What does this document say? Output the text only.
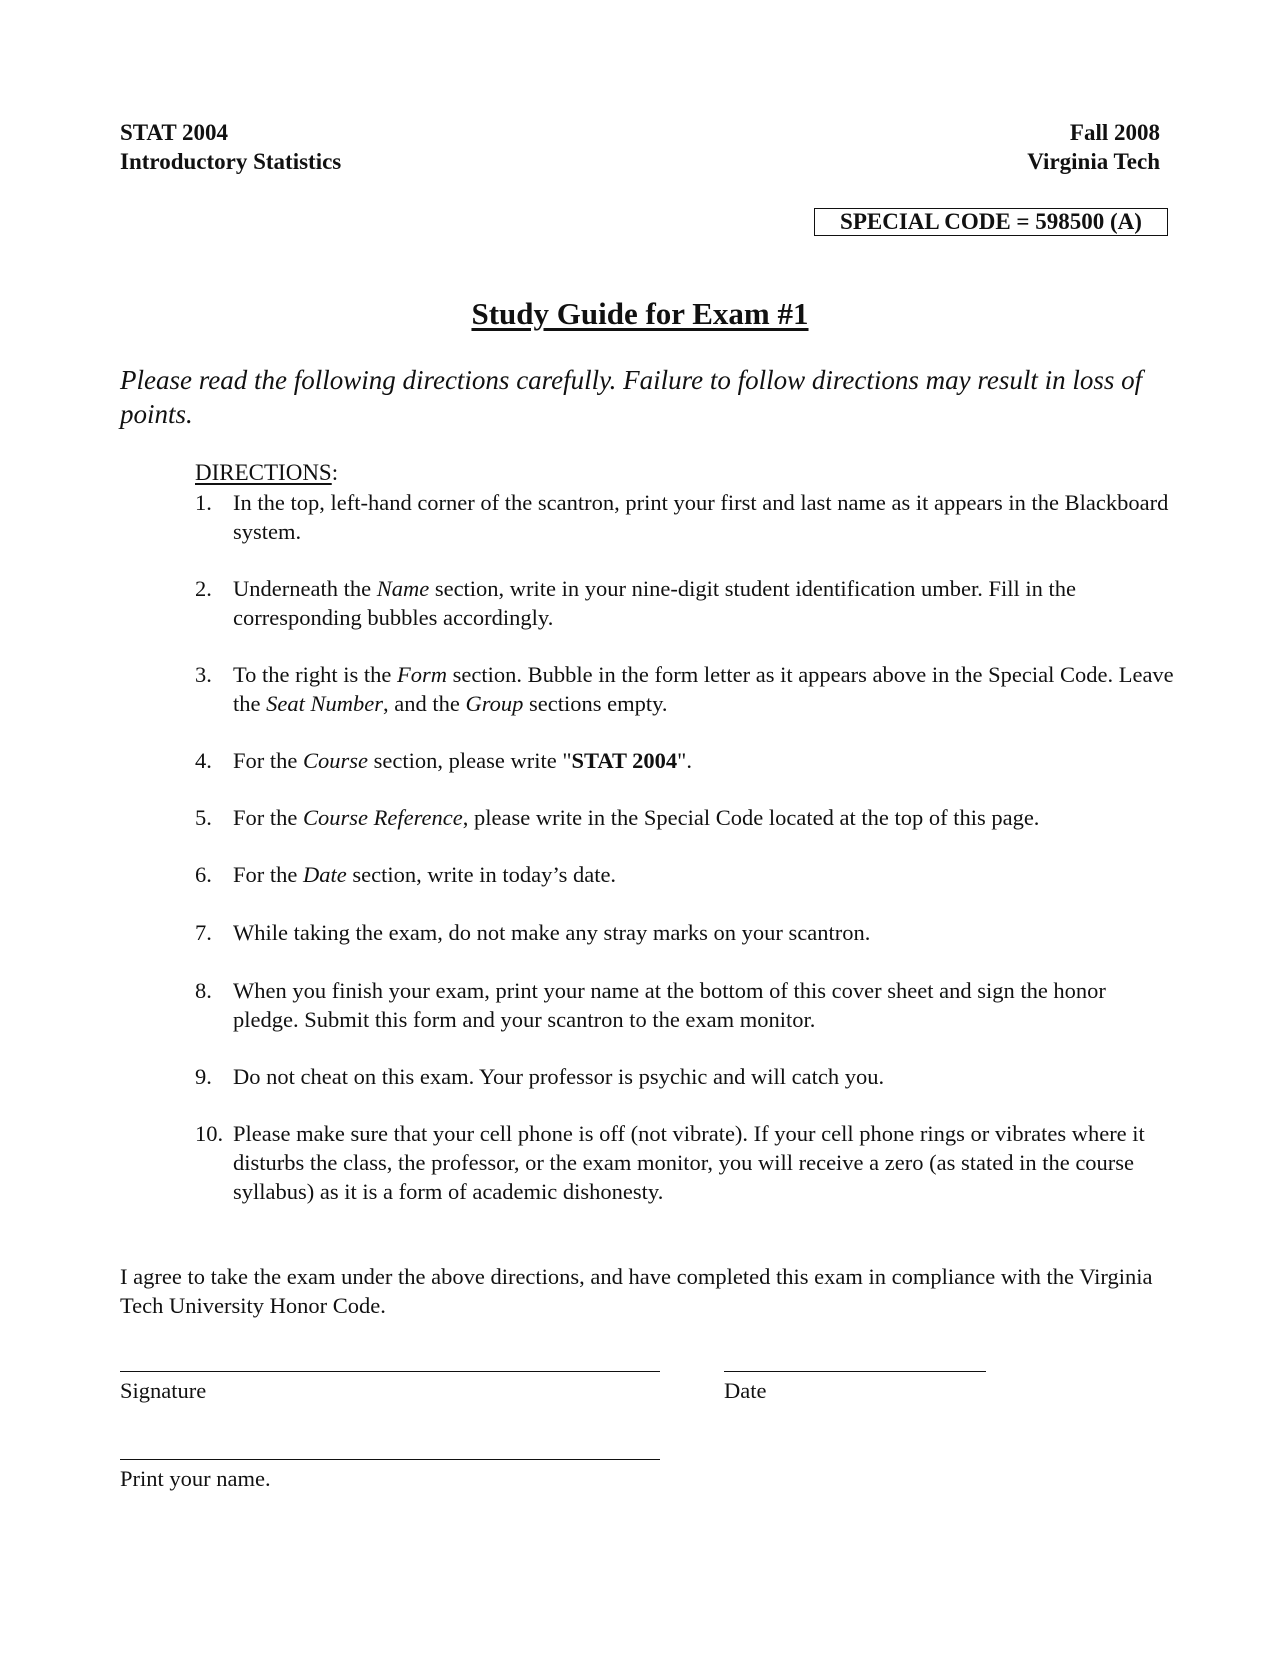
STAT 2004
Introductory Statistics
Fall 2008
Virginia Tech
SPECIAL CODE = 598500 (A)
Study Guide for Exam #1
Please read the following directions carefully. Failure to follow directions may result in loss of points.
DIRECTIONS:
1. In the top, left-hand corner of the scantron, print your first and last name as it appears in the Blackboard system.
2. Underneath the Name section, write in your nine-digit student identification umber. Fill in the corresponding bubbles accordingly.
3. To the right is the Form section. Bubble in the form letter as it appears above in the Special Code. Leave the Seat Number, and the Group sections empty.
4. For the Course section, please write "STAT 2004".
5. For the Course Reference, please write in the Special Code located at the top of this page.
6. For the Date section, write in today’s date.
7. While taking the exam, do not make any stray marks on your scantron.
8. When you finish your exam, print your name at the bottom of this cover sheet and sign the honor pledge. Submit this form and your scantron to the exam monitor.
9. Do not cheat on this exam. Your professor is psychic and will catch you.
10. Please make sure that your cell phone is off (not vibrate). If your cell phone rings or vibrates where it disturbs the class, the professor, or the exam monitor, you will receive a zero (as stated in the course syllabus) as it is a form of academic dishonesty.
I agree to take the exam under the above directions, and have completed this exam in compliance with the Virginia Tech University Honor Code.
Signature	Date
Print your name.
